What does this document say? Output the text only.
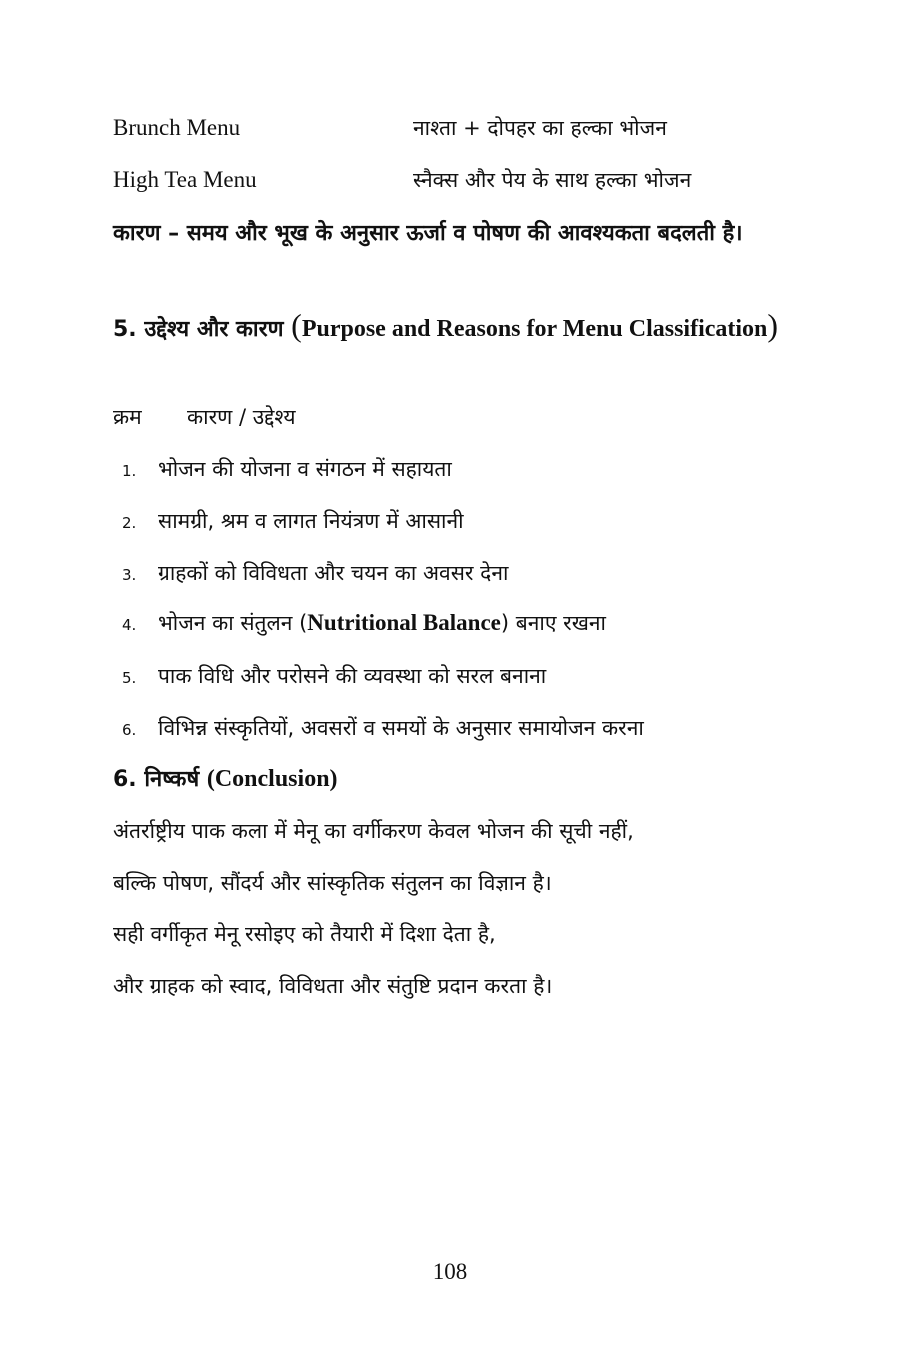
Brunch Menu	नाश्ता + दोपहर का हल्का भोजन
High Tea Menu	स्नैक्स और पेय के साथ हल्का भोजन
कारण – समय और भूख के अनुसार ऊर्जा व पोषण की आवश्यकता बदलती है।
5. उद्देश्य और कारण (Purpose and Reasons for Menu Classification)
क्रम कारण / उद्देश्य
1. भोजन की योजना व संगठन में सहायता
2. सामग्री, श्रम व लागत नियंत्रण में आसानी
3. ग्राहकों को विविधता और चयन का अवसर देना
4. भोजन का संतुलन (Nutritional Balance) बनाए रखना
5. पाक विधि और परोसने की व्यवस्था को सरल बनाना
6. विभिन्न संस्कृतियों, अवसरों व समयों के अनुसार समायोजन करना
6. निष्कर्ष (Conclusion)
अंतर्राष्ट्रीय पाक कला में मेनू का वर्गीकरण केवल भोजन की सूची नहीं,
बल्कि पोषण, सौंदर्य और सांस्कृतिक संतुलन का विज्ञान है।
सही वर्गीकृत मेनू रसोइए को तैयारी में दिशा देता है,
और ग्राहक को स्वाद, विविधता और संतुष्टि प्रदान करता है।
108
